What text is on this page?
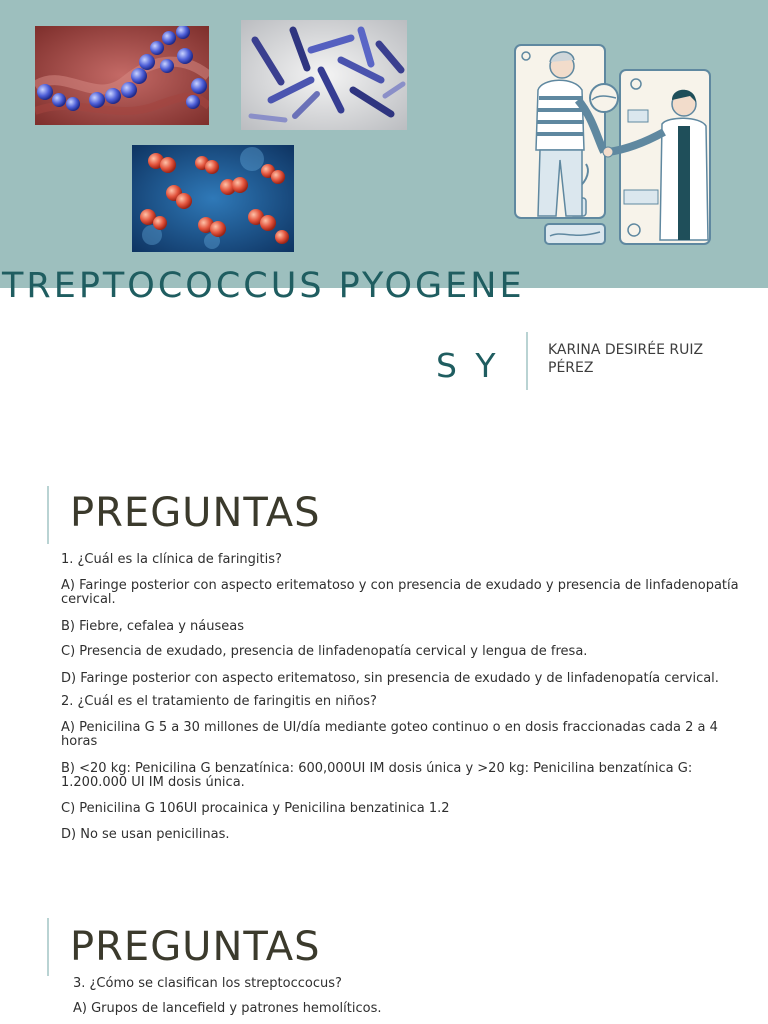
TREPTOCOCCUS PYOGENE
S Y	KARINA DESIRÉE RUIZ PÉREZ
PREGUNTAS

1. ¿Cuál es la clínica de faringitis?

A) Faringe posterior con aspecto eritematoso y con presencia de exudado y presencia de linfadenopatía cervical.

B) Fiebre, cefalea y náuseas

C) Presencia de exudado, presencia de linfadenopatía cervical y lengua de fresa.

D) Faringe posterior con aspecto eritematoso, sin presencia de exudado y de linfadenopatía cervical.

2. ¿Cuál es el tratamiento de faringitis en niños?

A) Penicilina G 5 a 30 millones de UI/día mediante goteo continuo o en dosis fraccionadas cada 2 a 4 horas

B) <20 kg: Penicilina G benzatínica: 600,000UI IM dosis única y >20 kg: Penicilina benzatínica G: 1.200.000 UI IM dosis única.

C) Penicilina G 106UI procainica y Penicilina benzatinica 1.2

D) No se usan penicilinas.

PREGUNTAS

3. ¿Cómo se clasifican los streptoccocus?

A) Grupos de lancefield y patrones hemolíticos.
